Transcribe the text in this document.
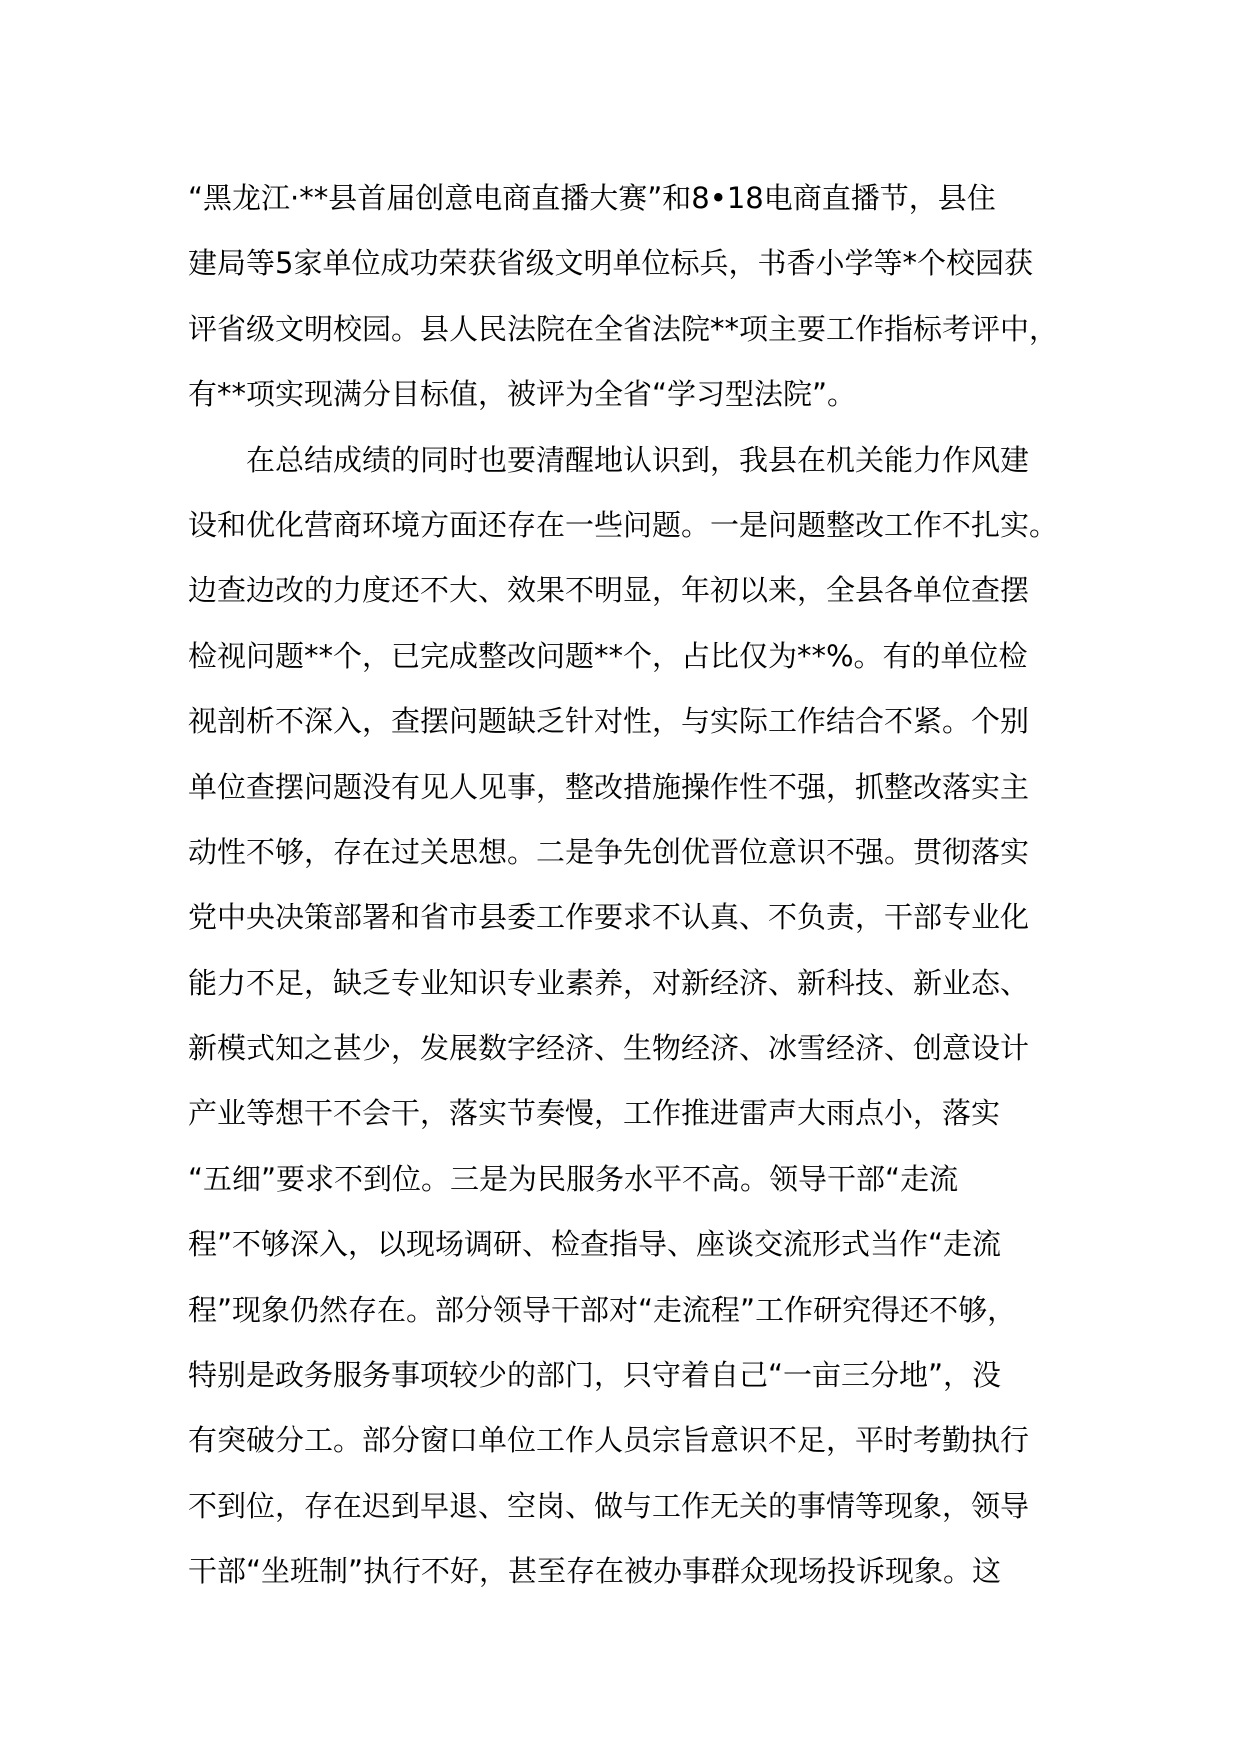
“黑龙江·**县首届创意电商直播大赛”和8•18电商直播节，县住
建局等5家单位成功荣获省级文明单位标兵，书香小学等*个校园获
评省级文明校园。县人民法院在全省法院**项主要工作指标考评中，
有**项实现满分目标值，被评为全省“学习型法院”。
在总结成绩的同时也要清醒地认识到，我县在机关能力作风建
设和优化营商环境方面还存在一些问题。一是问题整改工作不扎实。
边查边改的力度还不大、效果不明显，年初以来，全县各单位查摆
检视问题**个，已完成整改问题**个，占比仅为**%。有的单位检
视剖析不深入，查摆问题缺乏针对性，与实际工作结合不紧。个别
单位查摆问题没有见人见事，整改措施操作性不强，抓整改落实主
动性不够，存在过关思想。二是争先创优晋位意识不强。贯彻落实
党中央决策部署和省市县委工作要求不认真、不负责，干部专业化
能力不足，缺乏专业知识专业素养，对新经济、新科技、新业态、
新模式知之甚少，发展数字经济、生物经济、冰雪经济、创意设计
产业等想干不会干，落实节奏慢，工作推进雷声大雨点小，落实
“五细”要求不到位。三是为民服务水平不高。领导干部“走流
程”不够深入，以现场调研、检查指导、座谈交流形式当作“走流
程”现象仍然存在。部分领导干部对“走流程”工作研究得还不够，
特别是政务服务事项较少的部门，只守着自己“一亩三分地”，没
有突破分工。部分窗口单位工作人员宗旨意识不足，平时考勤执行
不到位，存在迟到早退、空岗、做与工作无关的事情等现象，领导
干部“坐班制”执行不好，甚至存在被办事群众现场投诉现象。这
